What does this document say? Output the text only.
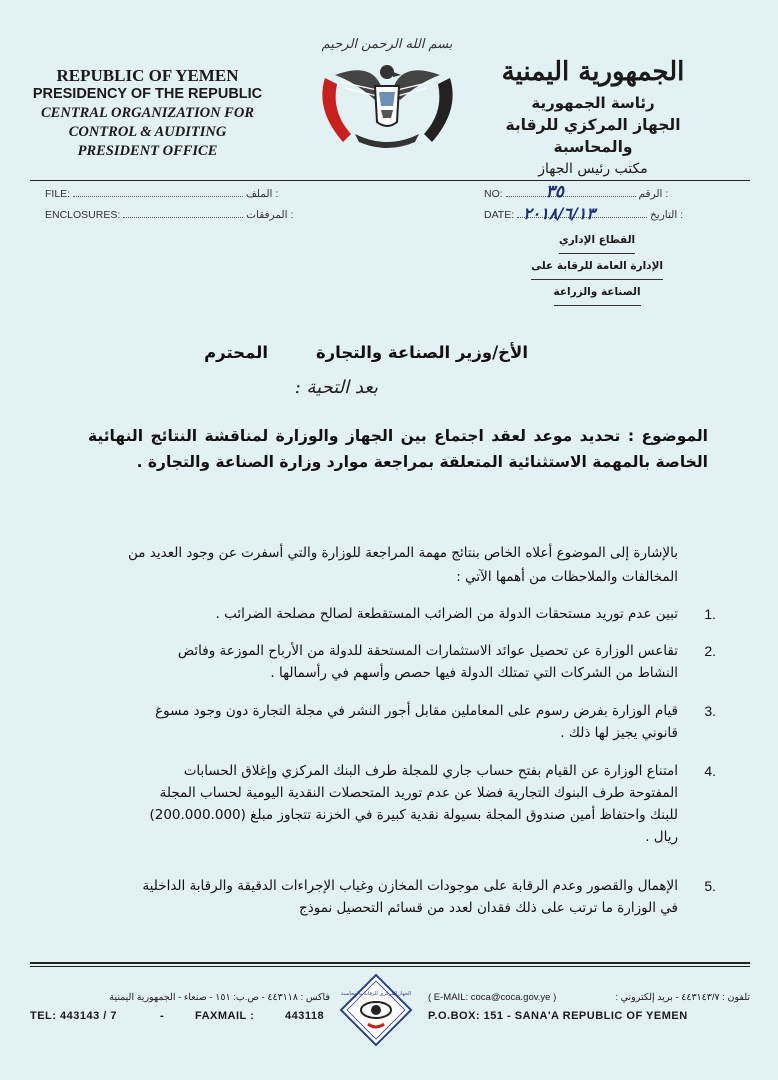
REPUBLIC OF YEMEN
PRESIDENCY OF THE REPUBLIC
CENTRAL ORGANIZATION FOR
CONTROL & AUDITING
PRESIDENT OFFICE
بسم الله الرحمن الرحيم
الجمهورية اليمنية
رئاسة الجمهورية
الجهاز المركزي للرقابة والمحاسبة
مكتب رئيس الجهاز
FILE:	الملف :
ENCLOSURES:	المرفقات :
NO:	٣٥	الرقم :
DATE: ٢٠١٨/٦/١٣	التاريخ :
القطاع الإداري
الإدارة العامة للرقابة على
الصناعة والزراعة
الأخ/وزير الصناعة والتجارة
المحترم
بعد التحية :
الموضوع : تحديد موعد لعقد اجتماع بين الجهاز والوزارة لمناقشة النتائج النهائية الخاصة بالمهمة الاستثنائية المتعلقة بمراجعة موارد وزارة الصناعة والتجارة .
بالإشارة إلى الموضوع أعلاه الخاص بنتائج مهمة المراجعة للوزارة والتي أسفرت عن وجود العديد من المخالفات والملاحظات من أهمها الآتي :
1.
تبين عدم توريد مستحقات الدولة من الضرائب المستقطعة لصالح مصلحة الضرائب .
2.
تقاعس الوزارة عن تحصيل عوائد الاستثمارات المستحقة للدولة من الأرباح الموزعة وفائض النشاط من الشركات التي تمتلك الدولة فيها حصص وأسهم في رأسمالها .
3.
قيام الوزارة بفرض رسوم على المعاملين مقابل أجور النشر في مجلة التجارة دون وجود مسوغ قانوني يجيز لها ذلك .
4.
امتناع الوزارة عن القيام بفتح حساب جاري للمجلة طرف البنك المركزي وإغلاق الحسابات المفتوحة طرف البنوك التجارية فضلا عن عدم توريد المتحصلات النقدية اليومية لحساب المجلة للبنك واحتفاظ أمين صندوق المجلة بسيولة نقدية كبيرة في الخزنة تتجاوز مبلغ (200.000.000) ريال .
5.
الإهمال والقصور وعدم الرقابة على موجودات المخازن وغياب الإجراءات الدقيقة والرقابة الداخلية في الوزارة ما ترتب على ذلك فقدان لعدد من قسائم التحصيل نموذج
فاكس : ٤٤٣١١٨ - ص.ب: ١٥١ - صنعاء - الجمهورية اليمنية	( E-MAIL: coca@coca.gov.ye )	تلفون : ٤٤٣١٤٣/٧ - بريد إلكتروني :
TEL: 443143 / 7	-	FAXMAIL :	443118	P.O.BOX: 151 - SANA'A REPUBLIC OF YEMEN
الجهاز المركزي للرقابة والمحاسبة
